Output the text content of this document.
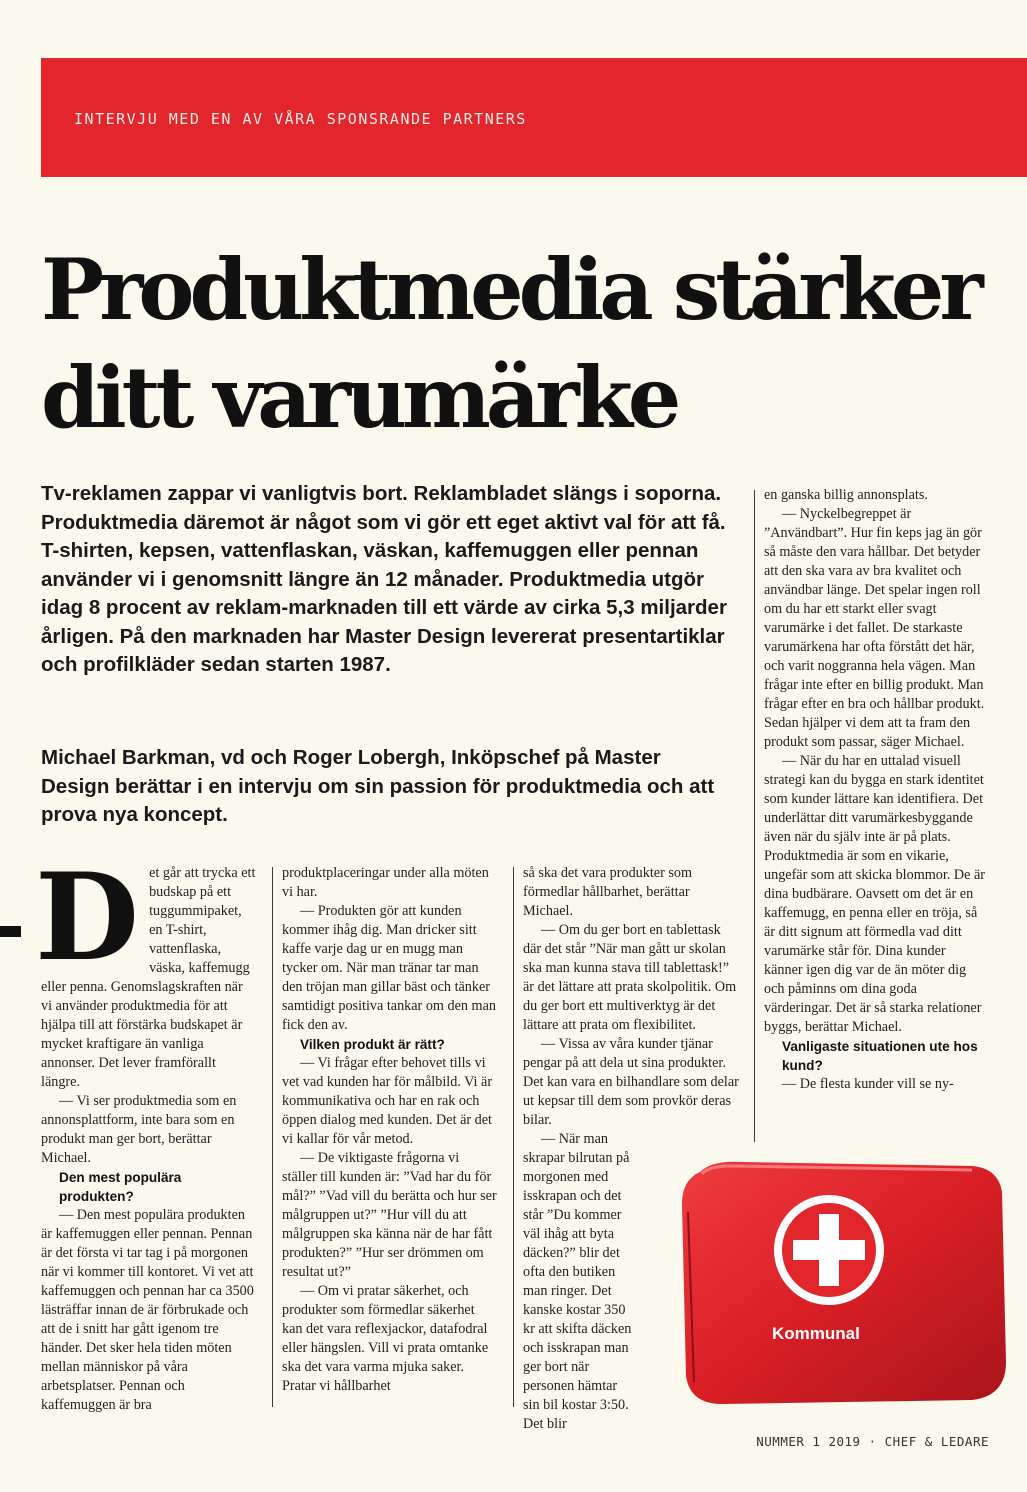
INTERVJU MED EN AV VÅRA SPONSRANDE PARTNERS
Produktmedia stärker
ditt varumärke

Tv-reklamen zappar vi vanligtvis bort. Reklambladet slängs i soporna. Produktmedia däremot är något som vi gör ett eget aktivt val för att få. T-shirten, kepsen, vattenflaskan, väskan, kaffemuggen eller pennan använder vi i genomsnitt längre än 12 månader. Produktmedia utgör idag 8 procent av reklam-marknaden till ett värde av cirka 5,3 miljarder årligen. På den marknaden har Master Design levererat presentartiklar och profilkläder sedan starten 1987.

Michael Barkman, vd och Roger Lobergh, Inköpschef på Master Design berättar i en intervju om sin passion för produktmedia och att prova nya koncept.

Det går att trycka ett budskap på ett tuggummipaket, en T-shirt, vattenflaska, väska, kaffemugg eller penna. Genomslagskraften när vi använder produktmedia för att hjälpa till att förstärka budskapet är mycket kraftigare än vanliga annonser. Det lever framförallt längre.

— Vi ser produktmedia som en annonsplattform, inte bara som en produkt man ger bort, berättar Michael.

Den mest populära produkten?

— Den mest populära produkten är kaffemuggen eller pennan. Pennan är det första vi tar tag i på morgonen när vi kommer till kontoret. Vi vet att kaffemuggen och pennan har ca 3500 lästräffar innan de är förbrukade och att de i snitt har gått igenom tre händer. Det sker hela tiden möten mellan människor på våra arbetsplatser. Pennan och kaffemuggen är bra

produktplaceringar under alla möten vi har.

— Produkten gör att kunden kommer ihåg dig. Man dricker sitt kaffe varje dag ur en mugg man tycker om. När man tränar tar man den tröjan man gillar bäst och tänker samtidigt positiva tankar om den man fick den av.

Vilken produkt är rätt?

— Vi frågar efter behovet tills vi vet vad kunden har för målbild. Vi är kommunikativa och har en rak och öppen dialog med kunden. Det är det vi kallar för vår metod.

— De viktigaste frågorna vi ställer till kunden är: ”Vad har du för mål?” ”Vad vill du berätta och hur ser målgruppen ut?” ”Hur vill du att målgruppen ska känna när de har fått produkten?” ”Hur ser drömmen om resultat ut?”

— Om vi pratar säkerhet, och produkter som förmedlar säkerhet kan det vara reflexjackor, datafodral eller hängslen. Vill vi prata omtanke ska det vara varma mjuka saker. Pratar vi hållbarhet

så ska det vara produkter som förmedlar hållbarhet, berättar Michael.

— Om du ger bort en tablettask där det står ”När man gått ur skolan ska man kunna stava till tablettask!” är det lättare att prata skolpolitik. Om du ger bort ett multiverktyg är det lättare att prata om flexibilitet.

— Vissa av våra kunder tjänar pengar på att dela ut sina produkter. Det kan vara en bilhandlare som delar ut kepsar till dem som provkör deras bilar.

— När man skrapar bilrutan på morgonen med isskrapan och det står ”Du kommer väl ihåg att byta däcken?” blir det ofta den butiken man ringer. Det kanske kostar 350 kr att skifta däcken och isskrapan man ger bort när personen hämtar sin bil kostar 3:50. Det blir

en ganska billig annonsplats.

— Nyckelbegreppet är ”Användbart”. Hur fin keps jag än gör så måste den vara hållbar. Det betyder att den ska vara av bra kvalitet och användbar länge. Det spelar ingen roll om du har ett starkt eller svagt varumärke i det fallet. De starkaste varumärkena har ofta förstått det här, och varit noggranna hela vägen. Man frågar inte efter en billig produkt. Man frågar efter en bra och hållbar produkt. Sedan hjälper vi dem att ta fram den produkt som passar, säger Michael.

— När du har en uttalad visuell strategi kan du bygga en stark identitet som kunder lättare kan identifiera. Det underlättar ditt varumärkesbyggande även när du själv inte är på plats. Produktmedia är som en vikarie, ungefär som att skicka blommor. De är dina budbärare. Oavsett om det är en kaffemugg, en penna eller en tröja, så är ditt signum att förmedla vad ditt varumärke står för. Dina kunder känner igen dig var de än möter dig och påminns om dina goda värderingar. Det är så starka relationer byggs, berättar Michael.

Vanligaste situationen ute hos kund?

— De flesta kunder vill se ny-

Kommunal
NUMMER 1 2019 · CHEF & LEDARE
